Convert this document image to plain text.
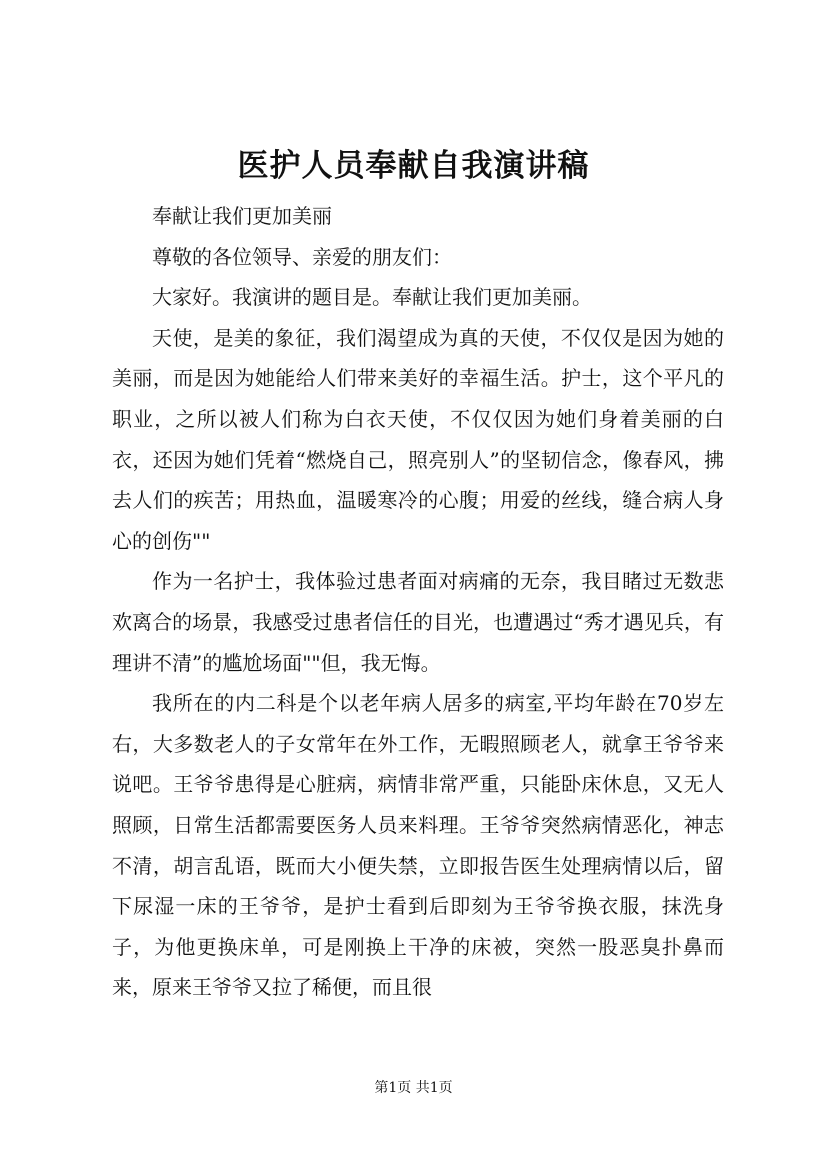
医护人员奉献自我演讲稿

奉献让我们更加美丽

尊敬的各位领导、亲爱的朋友们：

大家好。我演讲的题目是。奉献让我们更加美丽。

天使，是美的象征，我们渴望成为真的天使，不仅仅是因为她的美丽，而是因为她能给人们带来美好的幸福生活。护士，这个平凡的职业，之所以被人们称为白衣天使，不仅仅因为她们身着美丽的白衣，还因为她们凭着“燃烧自己，照亮别人”的坚韧信念，像春风，拂去人们的疾苦；用热血，温暖寒冷的心腹；用爱的丝线，缝合病人身心的创伤""

作为一名护士，我体验过患者面对病痛的无奈，我目睹过无数悲欢离合的场景，我感受过患者信任的目光，也遭遇过“秀才遇见兵，有理讲不清”的尴尬场面""但，我无悔。

我所在的内二科是个以老年病人居多的病室,平均年龄在70岁左右，大多数老人的子女常年在外工作，无暇照顾老人，就拿王爷爷来说吧。王爷爷患得是心脏病，病情非常严重，只能卧床休息，又无人照顾，日常生活都需要医务人员来料理。王爷爷突然病情恶化，神志不清，胡言乱语，既而大小便失禁，立即报告医生处理病情以后，留下尿湿一床的王爷爷，是护士看到后即刻为王爷爷换衣服，抹洗身子，为他更换床单，可是刚换上干净的床被，突然一股恶臭扑鼻而来，原来王爷爷又拉了稀便，而且很

第1页 共1页
